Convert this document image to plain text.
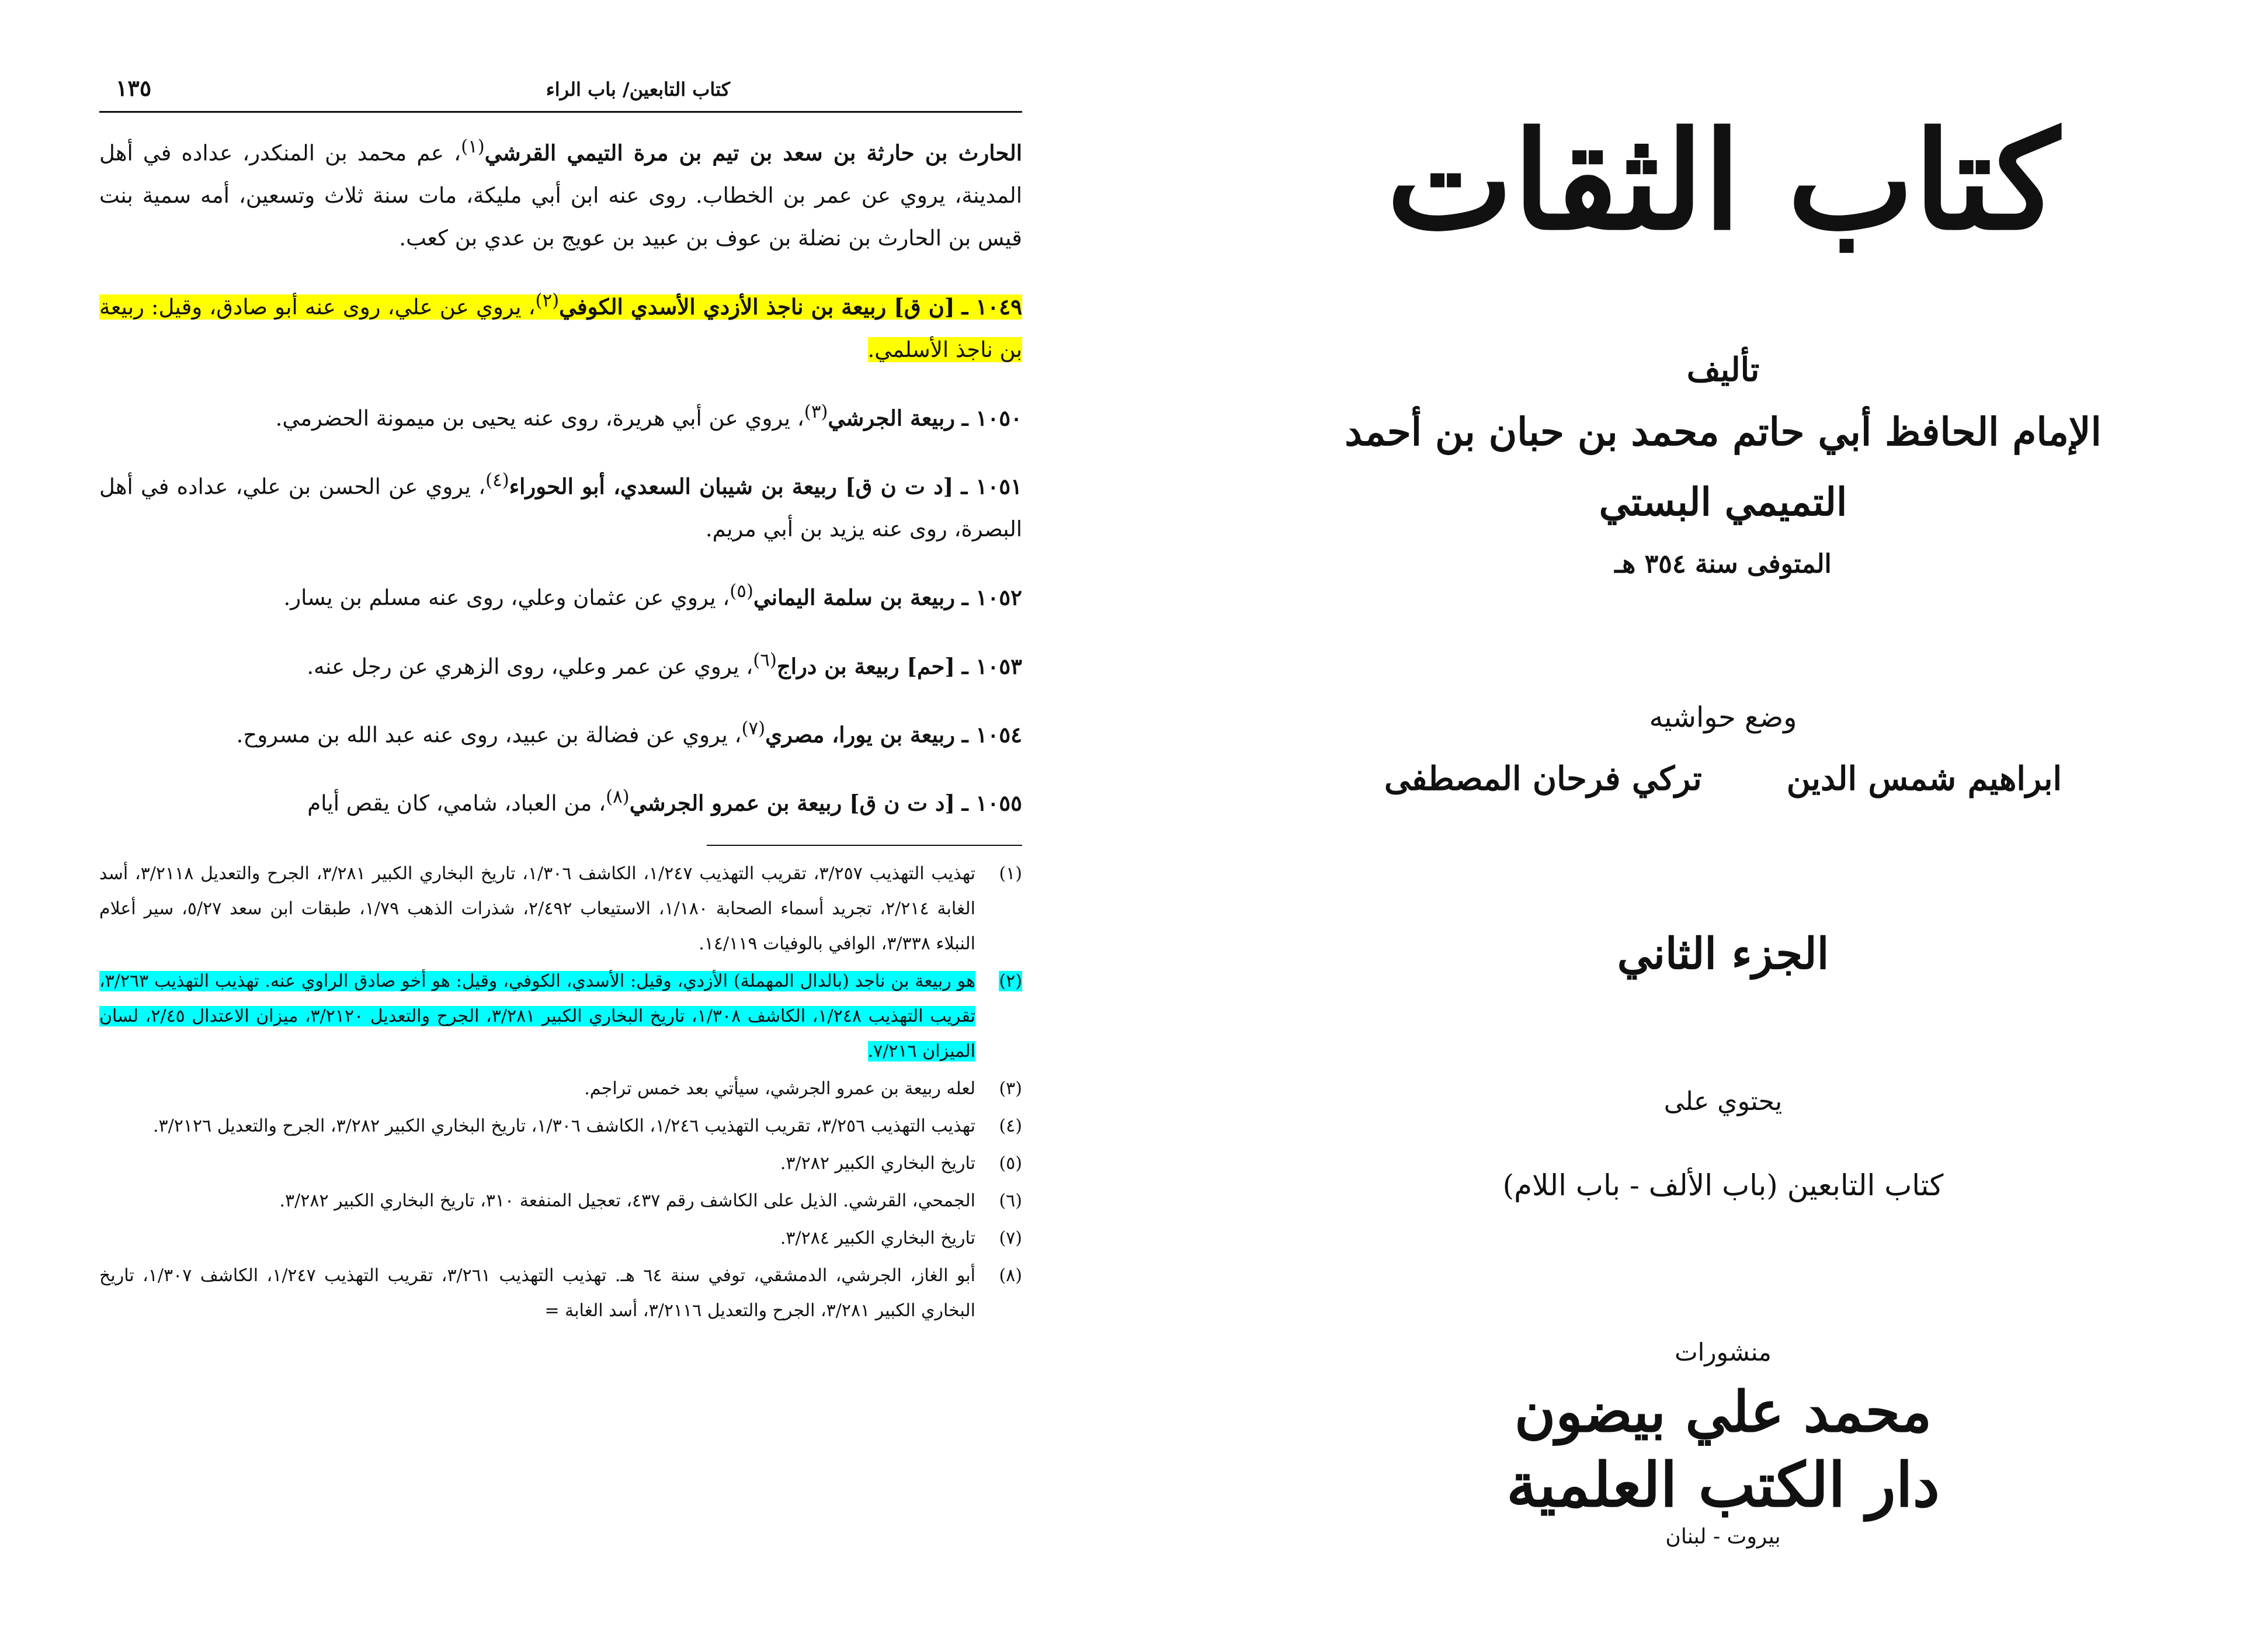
كتاب التابعين/ باب الراء
١٣٥

الحارث بن حارثة بن سعد بن تيم بن مرة التيمي القرشي$^{(١)}$، عم محمد بن المنكدر، عداده في أهل المدينة، يروي عن عمر بن الخطاب. روى عنه ابن أبي مليكة، مات سنة ثلاث وتسعين، أمه سمية بنت قيس بن الحارث بن نضلة بن عوف بن عبيد بن عويج بن عدي بن كعب.

١٠٤٩ ـ [ن ق] ربيعة بن ناجذ الأزدي الأسدي الكوفي$^{(٢)}$، يروي عن علي، روى عنه أبو صادق، وقيل: ربيعة بن ناجذ الأسلمي.

١٠٥٠ ـ ربيعة الجرشي$^{(٣)}$، يروي عن أبي هريرة، روى عنه يحيى بن ميمونة الحضرمي.

١٠٥١ ـ [د ت ن ق] ربيعة بن شيبان السعدي، أبو الحوراء$^{(٤)}$، يروي عن الحسن بن علي، عداده في أهل البصرة، روى عنه يزيد بن أبي مريم.

١٠٥٢ ـ ربيعة بن سلمة اليماني$^{(٥)}$، يروي عن عثمان وعلي، روى عنه مسلم بن يسار.

١٠٥٣ ـ [حم] ربيعة بن دراج$^{(٦)}$، يروي عن عمر وعلي، روى الزهري عن رجل عنه.

١٠٥٤ ـ ربيعة بن يورا، مصري$^{(٧)}$، يروي عن فضالة بن عبيد، روى عنه عبد الله بن مسروح.

١٠٥٥ ـ [د ت ن ق] ربيعة بن عمرو الجرشي$^{(٨)}$، من العباد، شامي، كان يقص أيام

(١)
تهذيب التهذيب ٣/٢٥٧، تقريب التهذيب ١/٢٤٧، الكاشف ١/٣٠٦، تاريخ البخاري الكبير ٣/٢٨١، الجرح والتعديل ٣/٢١١٨، أسد الغابة ٢/٢١٤، تجريد أسماء الصحابة ١/١٨٠، الاستيعاب ٢/٤٩٢، شذرات الذهب ١/٧٩، طبقات ابن سعد ٥/٢٧، سير أعلام النبلاء ٣/٣٣٨، الوافي بالوفيات ١٤/١١٩.
(٢)
هو ربيعة بن ناجد (بالدال المهملة) الأزدي، وقيل: الأسدي، الكوفي، وقيل: هو أخو صادق الراوي عنه. تهذيب التهذيب ٣/٢٦٣، تقريب التهذيب ١/٢٤٨، الكاشف ١/٣٠٨، تاريخ البخاري الكبير ٣/٢٨١، الجرح والتعديل ٣/٢١٢٠، ميزان الاعتدال ٢/٤٥، لسان الميزان ٧/٢١٦.
(٣)
لعله ربيعة بن عمرو الجرشي، سيأتي بعد خمس تراجم.
(٤)
تهذيب التهذيب ٣/٢٥٦، تقريب التهذيب ١/٢٤٦، الكاشف ١/٣٠٦، تاريخ البخاري الكبير ٣/٢٨٢، الجرح والتعديل ٣/٢١٢٦.
(٥)
تاريخ البخاري الكبير ٣/٢٨٢.
(٦)
الجمحي، القرشي. الذيل على الكاشف رقم ٤٣٧، تعجيل المنفعة ٣١٠، تاريخ البخاري الكبير ٣/٢٨٢.
(٧)
تاريخ البخاري الكبير ٣/٢٨٤.
(٨)
أبو الغاز، الجرشي، الدمشقي، توفي سنة ٦٤ هـ. تهذيب التهذيب ٣/٢٦١، تقريب التهذيب ١/٢٤٧، الكاشف ١/٣٠٧، تاريخ البخاري الكبير ٣/٢٨١، الجرح والتعديل ٣/٢١١٦، أسد الغابة =
كتاب الثقات
تأليف
الإمام الحافظ أبي حاتم محمد بن حبان بن أحمد
التميمي البستي
المتوفى سنة ٣٥٤ هـ
وضع حواشيه
ابراهيم شمس الدين
تركي فرحان المصطفى
الجزء الثاني
يحتوي على
كتاب التابعين (باب الألف - باب اللام)
منشورات
محمد علي بيضون
دار الكتب العلمية
بيروت - لبنان
